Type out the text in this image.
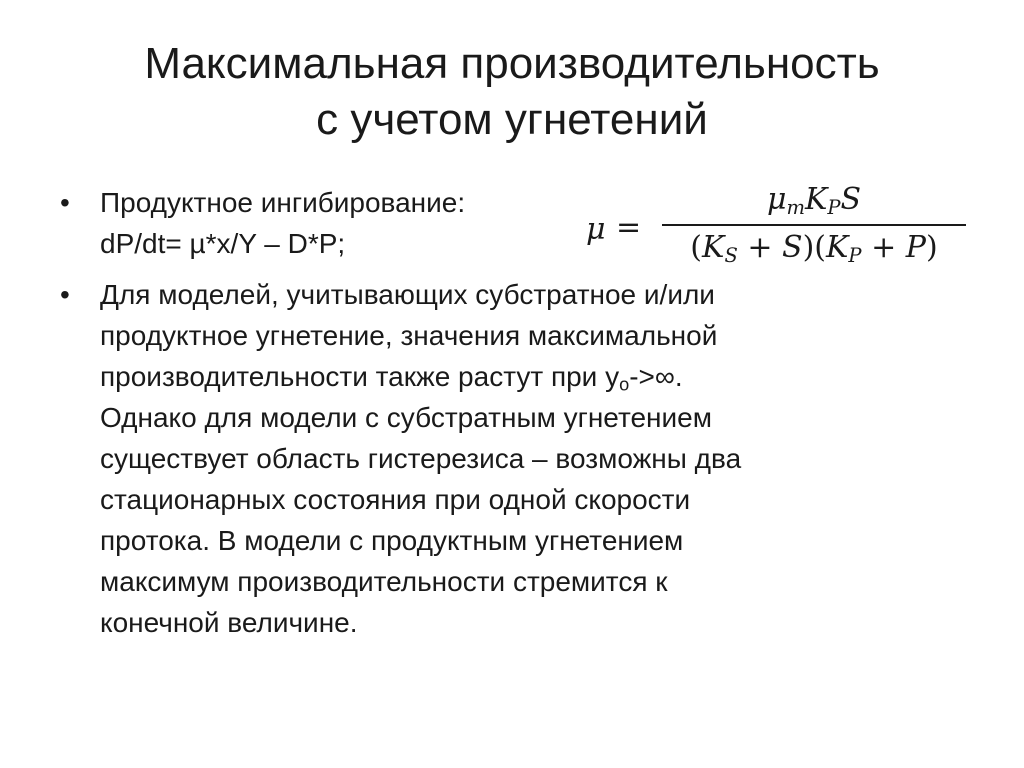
Максимальная производительность
с учетом угнетений
•	Продуктное ингибирование:
dP/dt= µ*x/Y – D*P;
•	Для моделей, учитывающих субстратное и/или
продуктное угнетение, значения максимальной
производительности также растут при $y_o->\infty$.
Однако для модели с субстратным угнетением
существует область гистерезиса – возможны два
стационарных состояния при одной скорости
протока. В модели с продуктным угнетением
максимум производительности стремится к
конечной величине.
μ =
$\mu_mK_PS$
$(K_S + S)(K_P + P)$
